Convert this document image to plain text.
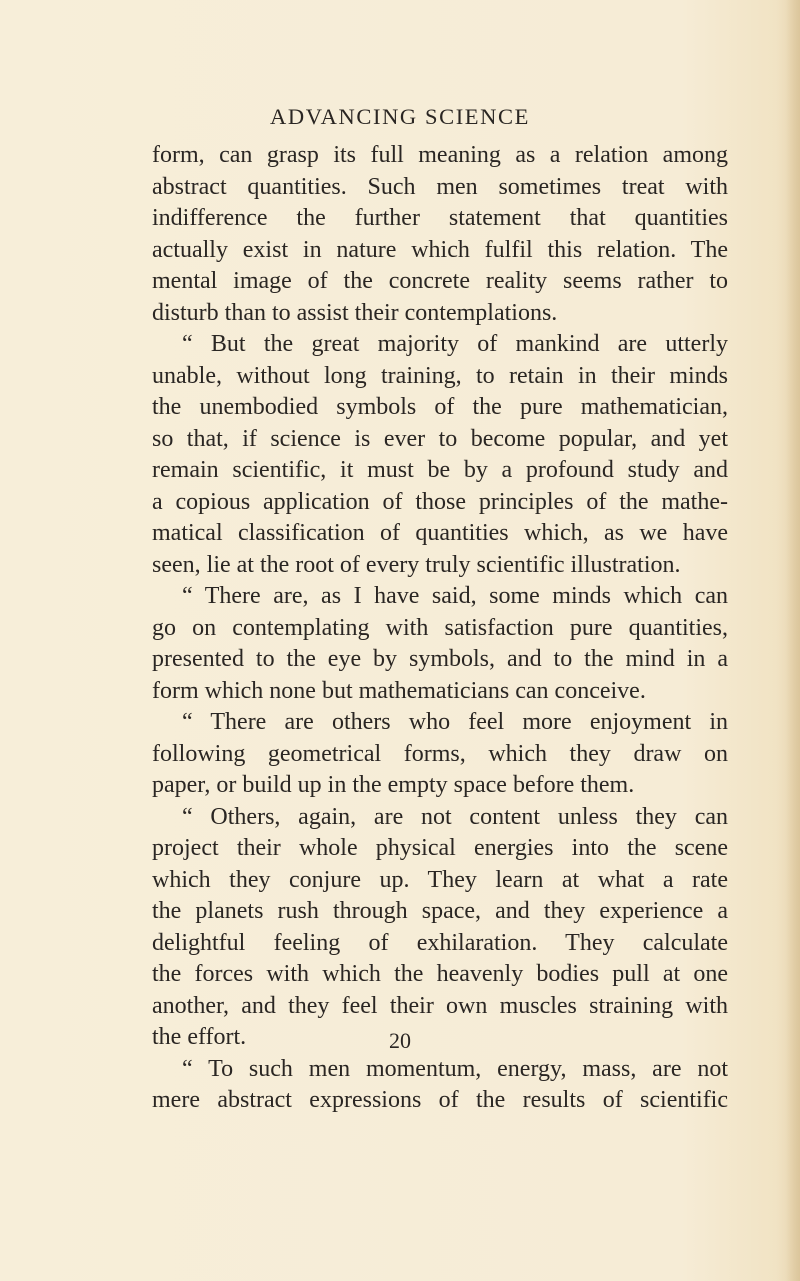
ADVANCING SCIENCE
form, can grasp its full meaning as a relation among
abstract quantities. Such men sometimes treat with
indifference the further statement that quantities
actually exist in nature which fulfil this relation. The
mental image of the concrete reality seems rather to
disturb than to assist their contemplations.
“ But the great majority of mankind are utterly
unable, without long training, to retain in their minds
the unembodied symbols of the pure mathematician,
so that, if science is ever to become popular, and yet
remain scientific, it must be by a profound study and
a copious application of those principles of the mathe-
matical classification of quantities which, as we have
seen, lie at the root of every truly scientific illustration.
“ There are, as I have said, some minds which can
go on contemplating with satisfaction pure quantities,
presented to the eye by symbols, and to the mind in a
form which none but mathematicians can conceive.
“ There are others who feel more enjoyment in
following geometrical forms, which they draw on
paper, or build up in the empty space before them.
“ Others, again, are not content unless they can
project their whole physical energies into the scene
which they conjure up. They learn at what a rate
the planets rush through space, and they experience a
delightful feeling of exhilaration. They calculate
the forces with which the heavenly bodies pull at one
another, and they feel their own muscles straining with
the effort.
“ To such men momentum, energy, mass, are not
mere abstract expressions of the results of scientific
20
